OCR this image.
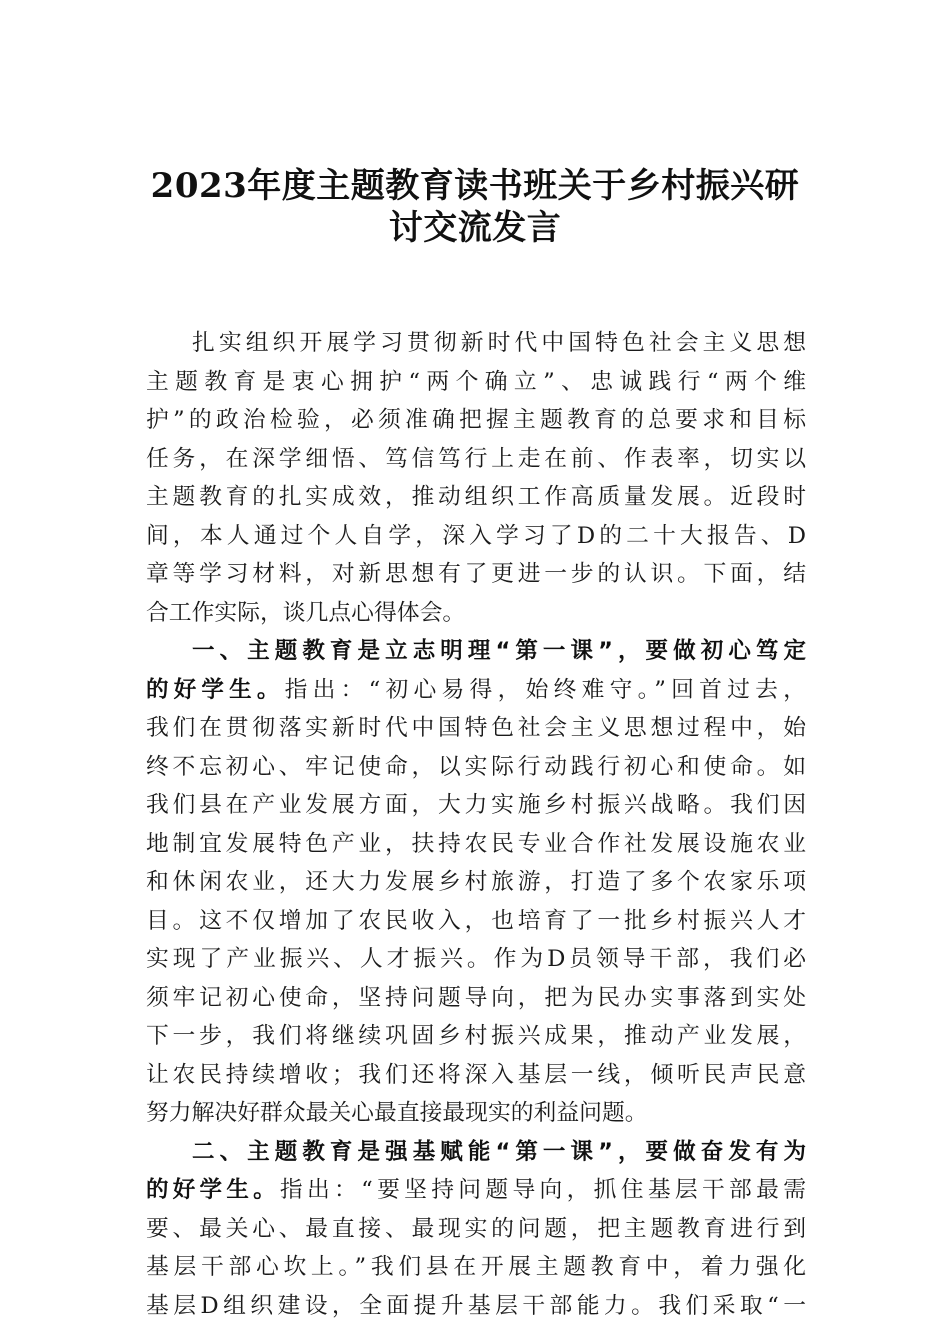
2023年度主题教育读书班关于乡村振兴研
讨交流发言
扎实组织开展学习贯彻新时代中国特色社会主义思想
主题教育是衷心拥护“两个确立”、忠诚践行“两个维
护”的政治检验，必须准确把握主题教育的总要求和目标
任务，在深学细悟、笃信笃行上走在前、作表率，切实以
主题教育的扎实成效，推动组织工作高质量发展。近段时
间，本人通过个人自学，深入学习了D的二十大报告、D
章等学习材料，对新思想有了更进一步的认识。下面，结
合工作实际，谈几点心得体会。
一、主题教育是立志明理“第一课”，要做初心笃定
的好学生。指出：“初心易得，始终难守。”回首过去，
我们在贯彻落实新时代中国特色社会主义思想过程中，始
终不忘初心、牢记使命，以实际行动践行初心和使命。如
我们县在产业发展方面，大力实施乡村振兴战略。我们因
地制宜发展特色产业，扶持农民专业合作社发展设施农业
和休闲农业，还大力发展乡村旅游，打造了多个农家乐项
目。这不仅增加了农民收入，也培育了一批乡村振兴人才
实现了产业振兴、人才振兴。作为D员领导干部，我们必
须牢记初心使命，坚持问题导向，把为民办实事落到实处
下一步，我们将继续巩固乡村振兴成果，推动产业发展，
让农民持续增收；我们还将深入基层一线，倾听民声民意
努力解决好群众最关心最直接最现实的利益问题。
二、主题教育是强基赋能“第一课”，要做奋发有为
的好学生。指出：“要坚持问题导向，抓住基层干部最需
要、最关心、最直接、最现实的问题，把主题教育进行到
基层干部心坎上。”我们县在开展主题教育中，着力强化
基层D组织建设，全面提升基层干部能力。我们采取“一
